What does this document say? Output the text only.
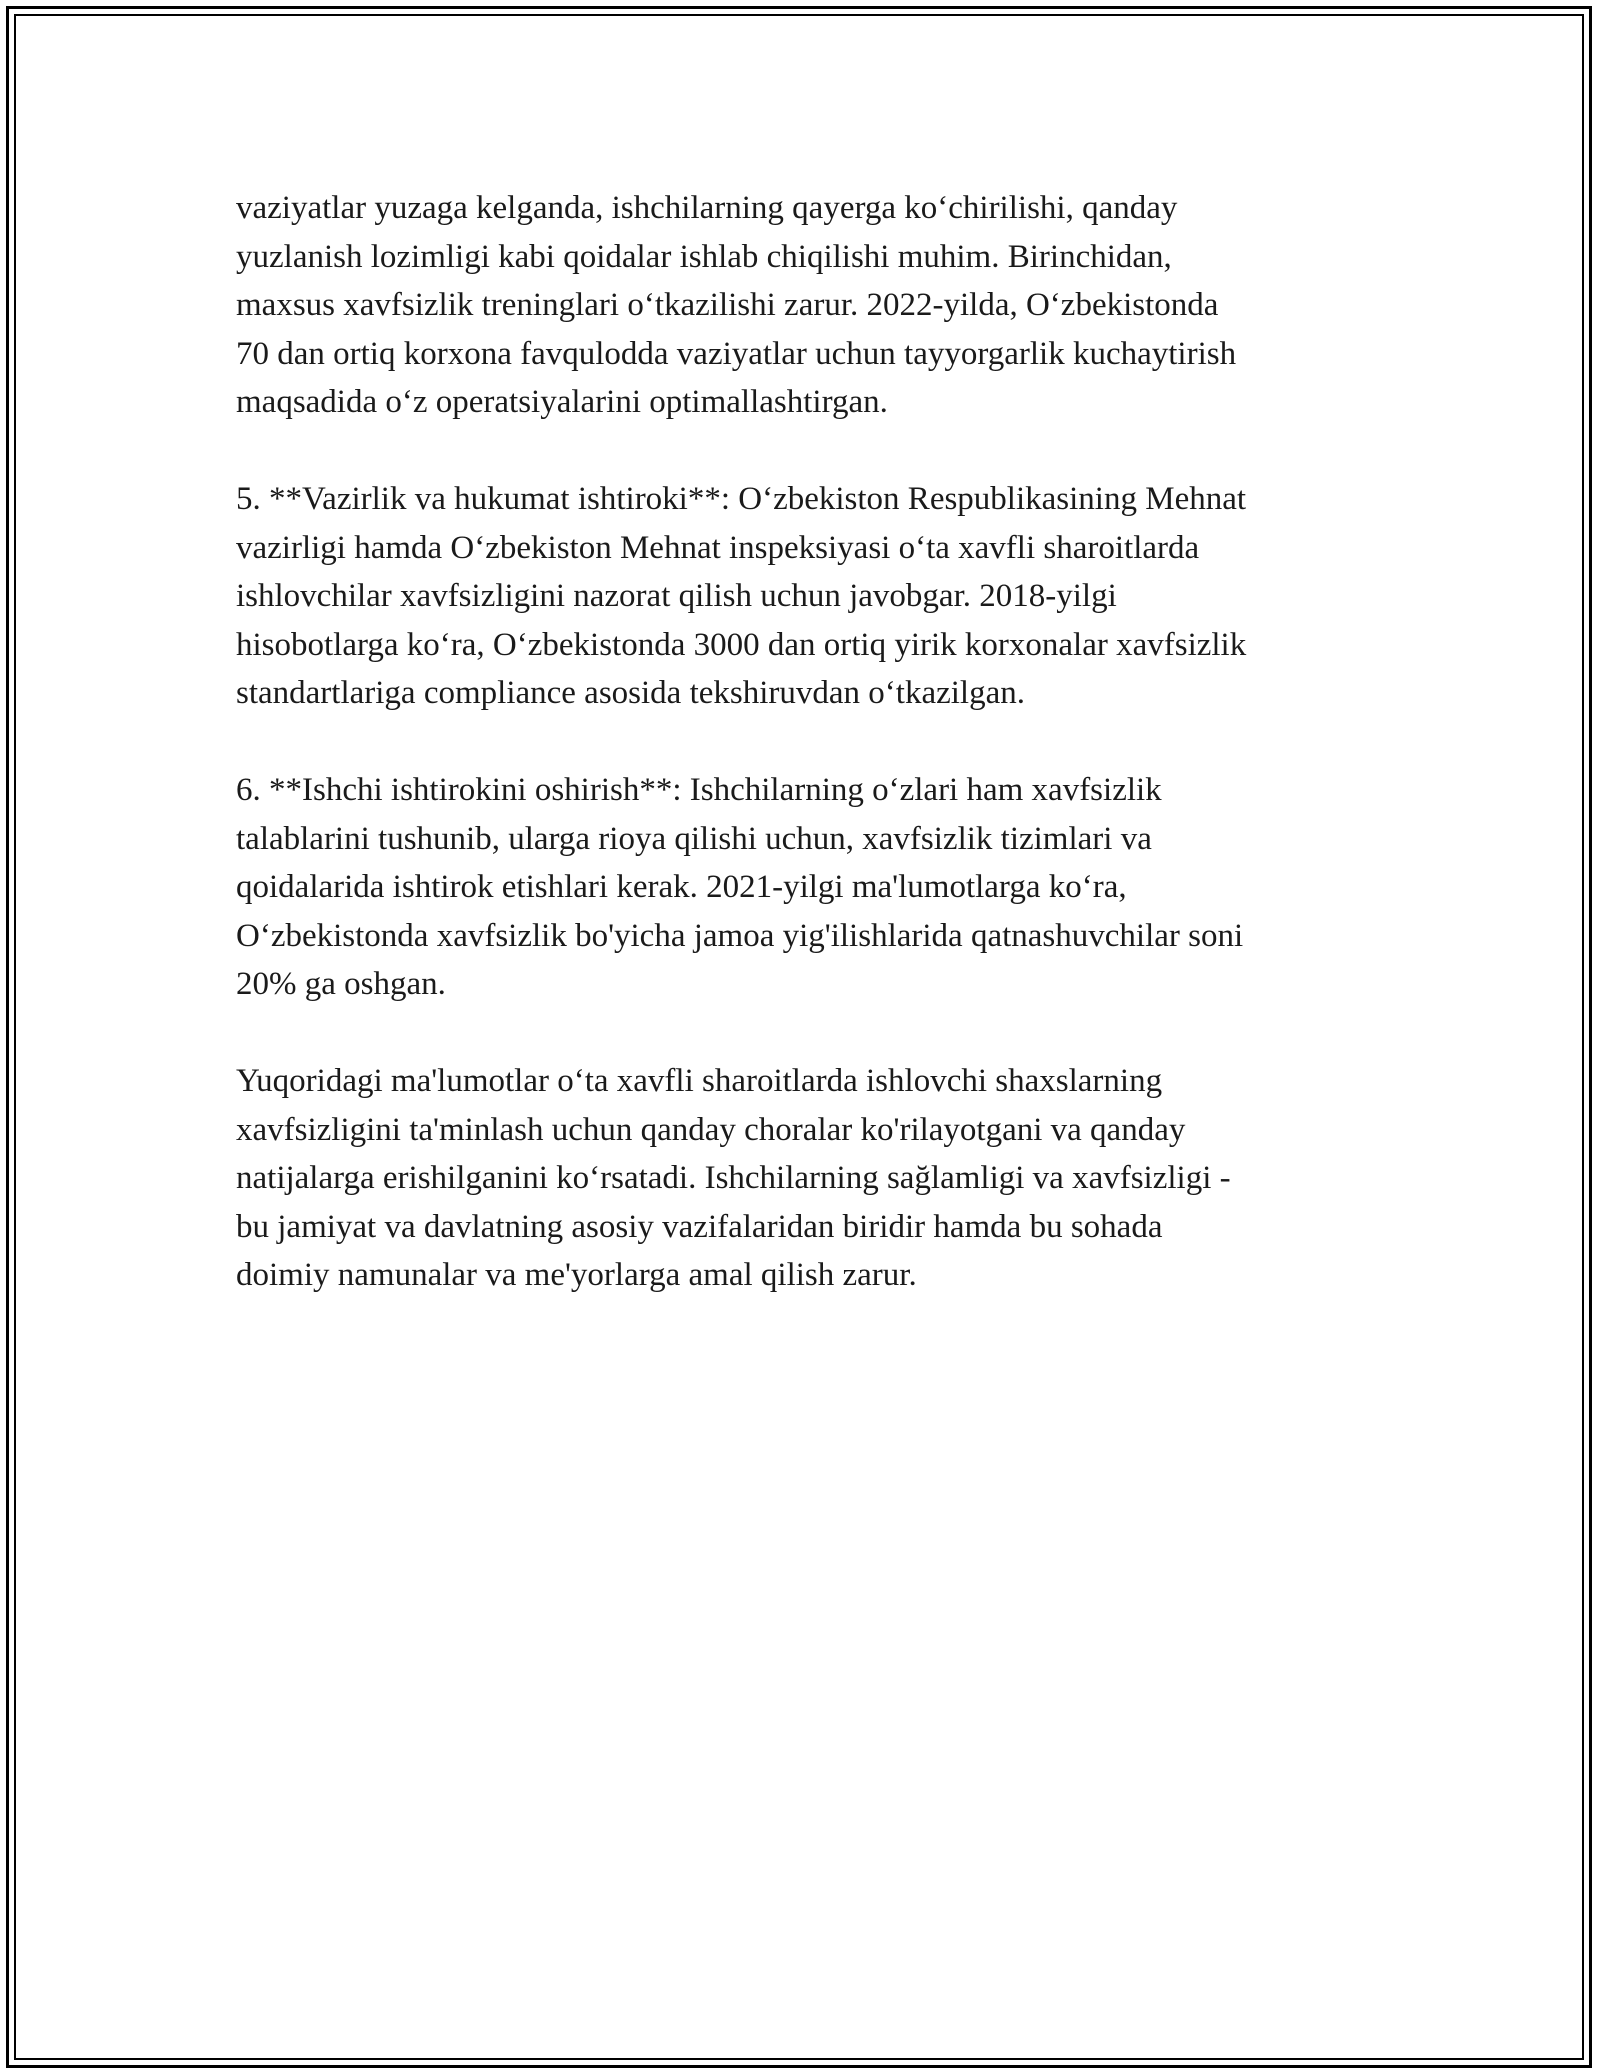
vaziyatlar yuzaga kelganda, ishchilarning qayerga koʻchirilishi, qanday
yuzlanish lozimligi kabi qoidalar ishlab chiqilishi muhim. Birinchidan,
maxsus xavfsizlik treninglari oʻtkazilishi zarur. 2022-yilda, Oʻzbekistonda
70 dan ortiq korxona favqulodda vaziyatlar uchun tayyorgarlik kuchaytirish
maqsadida oʻz operatsiyalarini optimallashtirgan.

5. **Vazirlik va hukumat ishtiroki**: Oʻzbekiston Respublikasining Mehnat
vazirligi hamda Oʻzbekiston Mehnat inspeksiyasi oʻta xavfli sharoitlarda
ishlovchilar xavfsizligini nazorat qilish uchun javobgar. 2018-yilgi
hisobotlarga koʻra, Oʻzbekistonda 3000 dan ortiq yirik korxonalar xavfsizlik
standartlariga compliance asosida tekshiruvdan oʻtkazilgan.

6. **Ishchi ishtirokini oshirish**: Ishchilarning oʻzlari ham xavfsizlik
talablarini tushunib, ularga rioya qilishi uchun, xavfsizlik tizimlari va
qoidalarida ishtirok etishlari kerak. 2021-yilgi ma'lumotlarga koʻra,
Oʻzbekistonda xavfsizlik bo'yicha jamoa yig'ilishlarida qatnashuvchilar soni
20% ga oshgan.

Yuqoridagi ma'lumotlar oʻta xavfli sharoitlarda ishlovchi shaxslarning
xavfsizligini ta'minlash uchun qanday choralar ko'rilayotgani va qanday
natijalarga erishilganini koʻrsatadi. Ishchilarning sağlamligi va xavfsizligi -
bu jamiyat va davlatning asosiy vazifalaridan biridir hamda bu sohada
doimiy namunalar va me'yorlarga amal qilish zarur.
